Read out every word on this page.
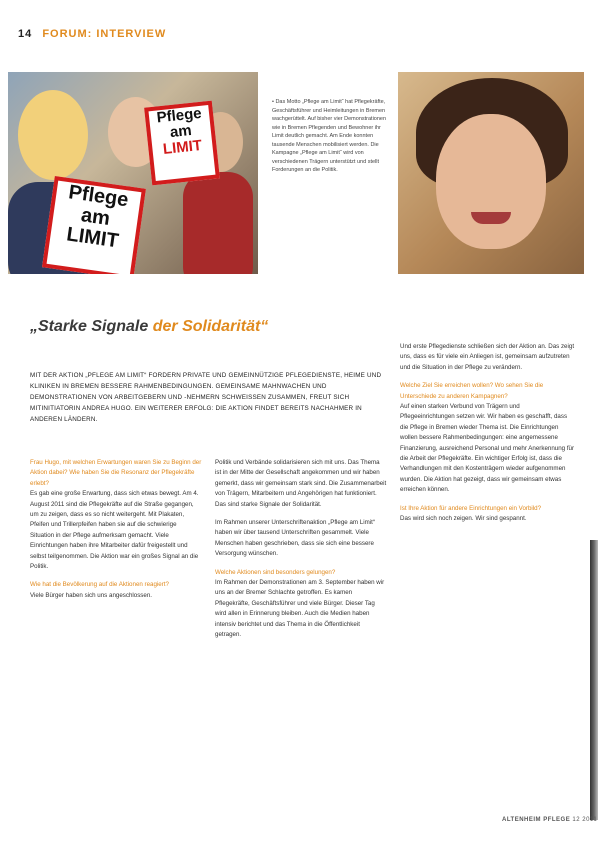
14 FORUM: INTERVIEW
Pflege
am
LIMIT
Pflege
am
LIMIT
• Das Motto „Pflege am Limit“ hat Pflegekräfte, Geschäftsführer und Heimleitungen in Bremen wachgerüttelt. Auf bisher vier Demonstrationen wie in Bremen Pflegenden und Bewohner ihr Limit deutlich gemacht. Am Ende konnten tausende Menschen mobilisiert werden. Die Kampagne „Pflege am Limit“ wird von verschiedenen Trägern unterstützt und stellt Forderungen an die Politik.
„Starke Signale der Solidarität“
MIT DER AKTION „PFLEGE AM LIMIT“ FORDERN PRIVATE UND GEMEINNÜTZIGE PFLEGEDIENSTE, HEIME UND KLINIKEN IN BREMEN BESSERE RAHMENBEDINGUNGEN. GEMEINSAME MAHNWACHEN UND DEMONSTRATIONEN VON ARBEITGEBERN UND -NEHMERN SCHWEISSEN ZUSAMMEN, FREUT SICH MITINITIATORIN ANDREA HUGO. EIN WEITERER ERFOLG: DIE AKTION FINDET BEREITS NACHAHMER IN ANDEREN LÄNDERN.

Frau Hugo, mit welchen Erwartungen waren Sie zu Beginn der Aktion dabei? Wie haben Sie die Resonanz der Pflegekräfte erlebt?

Es gab eine große Erwartung, dass sich etwas bewegt. Am 4. August 2011 sind die Pflegekräfte auf die Straße gegangen, um zu zeigen, dass es so nicht weitergeht. Mit Plakaten, Pfeifen und Trillerpfeifen haben sie auf die schwierige Situation in der Pflege aufmerksam gemacht. Viele Einrichtungen haben ihre Mitarbeiter dafür freigestellt und selbst teilgenommen. Die Aktion war ein großes Signal an die Politik.

Wie hat die Bevölkerung auf die Aktionen reagiert?

Viele Bürger haben sich uns angeschlossen.

Politik und Verbände solidarisieren sich mit uns. Das Thema ist in der Mitte der Gesellschaft angekommen und wir haben gemerkt, dass wir gemeinsam stark sind. Die Zusammenarbeit von Trägern, Mitarbeitern und Angehörigen hat funktioniert. Das sind starke Signale der Solidarität.

Im Rahmen unserer Unterschriftenaktion „Pflege am Limit“ haben wir über tausend Unterschriften gesammelt. Viele Menschen haben geschrieben, dass sie sich eine bessere Versorgung wünschen.

Welche Aktionen sind besonders gelungen?

Im Rahmen der Demonstrationen am 3. September haben wir uns an der Bremer Schlachte getroffen. Es kamen Pflegekräfte, Geschäftsführer und viele Bürger. Dieser Tag wird allen in Erinnerung bleiben. Auch die Medien haben intensiv berichtet und das Thema in die Öffentlichkeit getragen.

Und erste Pflegedienste schließen sich der Aktion an. Das zeigt uns, dass es für viele ein Anliegen ist, gemeinsam aufzutreten und die Situation in der Pflege zu verändern.

Welche Ziel Sie erreichen wollen? Wo sehen Sie die Unterschiede zu anderen Kampagnen?

Auf einen starken Verbund von Trägern und Pflegeeinrichtungen setzen wir. Wir haben es geschafft, dass die Pflege in Bremen wieder Thema ist. Die Einrichtungen wollen bessere Rahmenbedingungen: eine angemessene Finanzierung, ausreichend Personal und mehr Anerkennung für die Arbeit der Pflegekräfte. Ein wichtiger Erfolg ist, dass die Verhandlungen mit den Kostenträgern wieder aufgenommen wurden. Die Aktion hat gezeigt, dass wir gemeinsam etwas erreichen können.

Ist Ihre Aktion für andere Einrichtungen ein Vorbild?

Das wird sich noch zeigen. Wir sind gespannt.

ALTENHEIM PFLEGE 12 2011
